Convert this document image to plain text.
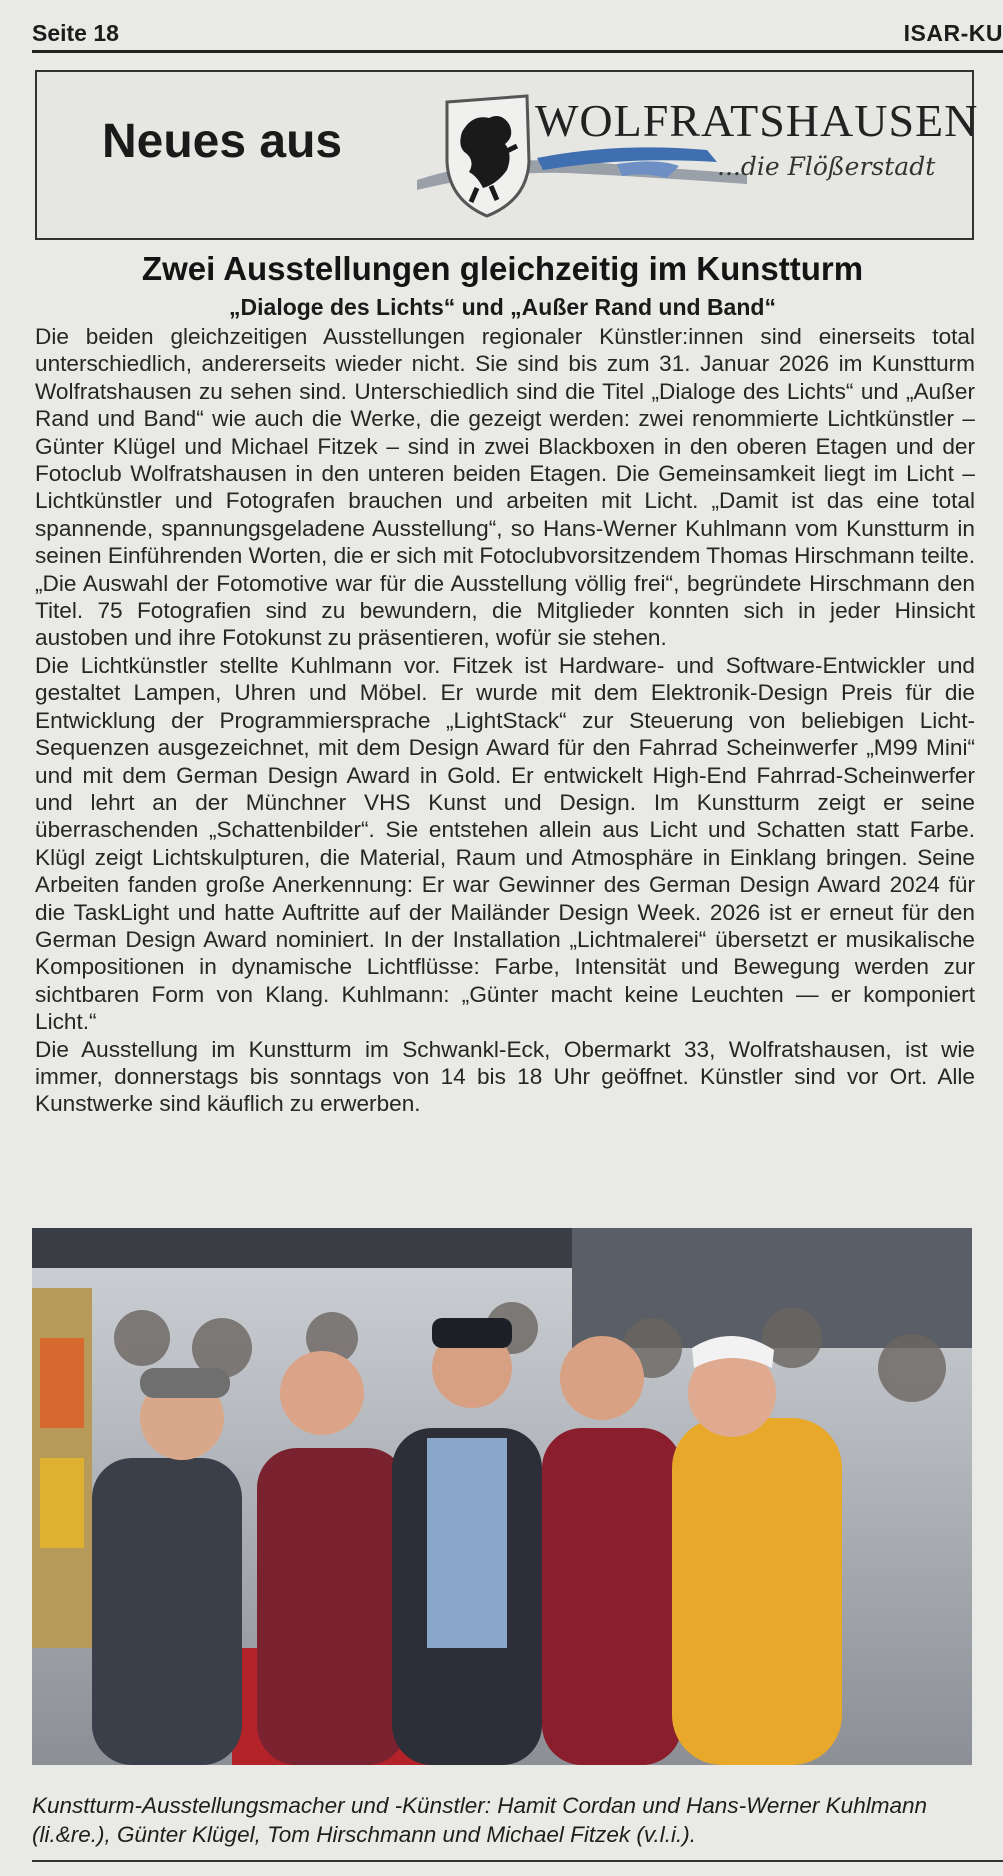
Seite 18	ISAR-KU
Neues aus	WOLFRATSHAUSEN
...die Flößerstadt
Zwei Ausstellungen gleichzeitig im Kunstturm
„Dialoge des Lichts“ und „Außer Rand und Band“

Die beiden gleichzeitigen Ausstellungen regionaler Künstler:innen sind einerseits total unterschiedlich, andererseits wieder nicht. Sie sind bis zum 31. Januar 2026 im Kunstturm Wolfratshausen zu sehen sind. Unterschiedlich sind die Titel „Dialoge des Lichts“ und „Außer Rand und Band“ wie auch die Werke, die gezeigt werden: zwei renommierte Lichtkünstler – Günter Klügel und Michael Fitzek – sind in zwei Blackboxen in den oberen Etagen und der Fotoclub Wolfratshausen in den unteren beiden Etagen. Die Gemeinsamkeit liegt im Licht – Lichtkünstler und Fotografen brauchen und arbeiten mit Licht. „Damit ist das eine total spannende, spannungsgeladene Ausstellung“, so Hans-Werner Kuhlmann vom Kunstturm in seinen Einführenden Worten, die er sich mit Fotoclubvorsitzendem Thomas Hirschmann teilte. „Die Auswahl der Fotomotive war für die Ausstellung völlig frei“, begründete Hirschmann den Titel. 75 Fotografien sind zu bewundern, die Mitglieder konnten sich in jeder Hinsicht austoben und ihre Fotokunst zu präsentieren, wofür sie stehen.

Die Lichtkünstler stellte Kuhlmann vor. Fitzek ist Hardware- und Software-Entwickler und gestaltet Lampen, Uhren und Möbel. Er wurde mit dem Elektronik-Design Preis für die Entwicklung der Programmiersprache „LightStack“ zur Steuerung von beliebigen Licht-Sequenzen ausgezeichnet, mit dem Design Award für den Fahrrad Scheinwerfer „M99 Mini“ und mit dem German Design Award in Gold. Er entwickelt High-End Fahrrad-Scheinwerfer und lehrt an der Münchner VHS Kunst und Design. Im Kunstturm zeigt er seine überraschenden „Schattenbilder“. Sie entstehen allein aus Licht und Schatten statt Farbe. Klügl zeigt Lichtskulpturen, die Material, Raum und Atmosphäre in Einklang bringen. Seine Arbeiten fanden große Anerkennung: Er war Gewinner des German Design Award 2024 für die TaskLight und hatte Auftritte auf der Mailänder Design Week. 2026 ist er erneut für den German Design Award nominiert. In der Installation „Lichtmalerei“ übersetzt er musikalische Kompositionen in dynamische Lichtflüsse: Farbe, Intensität und Bewegung werden zur sichtbaren Form von Klang. Kuhlmann: „Günter macht keine Leuchten — er komponiert Licht.“

Die Ausstellung im Kunstturm im Schwankl-Eck, Obermarkt 33, Wolfratshausen, ist wie immer, donnerstags bis sonntags von 14 bis 18 Uhr geöffnet. Künstler sind vor Ort. Alle Kunstwerke sind käuflich zu erwerben.

Kunstturm-Ausstellungsmacher und -Künstler: Hamit Cordan und Hans-Werner Kuhlmann (li.&re.), Günter Klügel, Tom Hirschmann und Michael Fitzek (v.l.i.).
